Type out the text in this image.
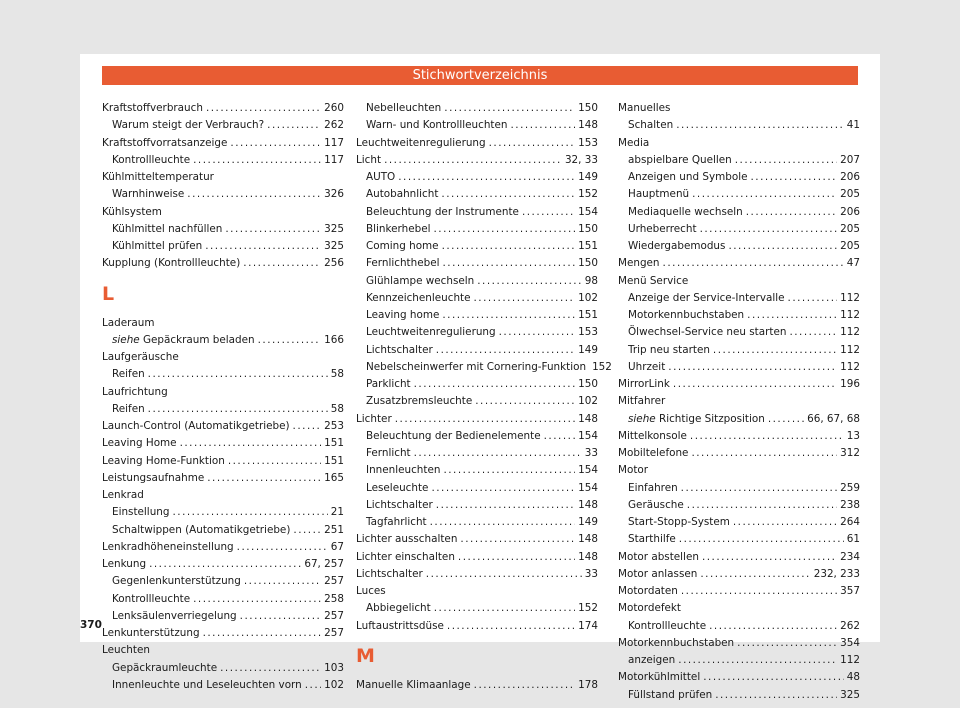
Stichwortverzeichnis
Kraftstoffverbrauch .....	260
Warum steigt der Verbrauch? .....	262
Kraftstoffvorratsanzeige .....	117
Kontrollleuchte .....	117
Kühlmitteltemperatur
Warnhinweise .....	326
Kühlsystem
Kühlmittel nachfüllen .....	325
Kühlmittel prüfen .....	325
Kupplung (Kontrollleuchte) .....	256
L
Laderaum
siehe Gepäckraum beladen .....	166
Laufgeräusche
Reifen .....	58
Laufrichtung
Reifen .....	58
Launch-Control (Automatikgetriebe) .....	253
Leaving Home .....	151
Leaving Home-Funktion .....	151
Leistungsaufnahme .....	165
Lenkrad
Einstellung .....	21
Schaltwippen (Automatikgetriebe) .....	251
Lenkradhöheneinstellung .....	67
Lenkung .....	67, 257
Gegenlenkunterstützung .....	257
Kontrollleuchte .....	258
Lenksäulenverriegelung .....	257
Lenkunterstützung .....	257
Leuchten
Gepäckraumleuchte .....	103
Innenleuchte und Leseleuchten vorn ..... 102
Nebelleuchten .....	150
Warn- und Kontrollleuchten .....	148
Leuchtweitenregulierung .....	153
Licht .....	32, 33
AUTO .....	149
Autobahnlicht .....	152
Beleuchtung der Instrumente .....	154
Blinkerhebel .....	150
Coming home .....	151
Fernlichthebel .....	150
Glühlampe wechseln .....	98
Kennzeichenleuchte .....	102
Leaving home .....	151
Leuchtweitenregulierung .....	153
Lichtschalter .....	149
Nebelscheinwerfer mit Cornering-Funktion 152
Parklicht .....	150
Zusatzbremsleuchte .....	102
Lichter .....	148
Beleuchtung der Bedienelemente .....	154
Fernlicht .....	33
Innenleuchten .....	154
Leseleuchte .....	154
Lichtschalter .....	148
Tagfahrlicht .....	149
Lichter ausschalten .....	148
Lichter einschalten .....	148
Lichtschalter .....	33
Luces
Abbiegelicht .....	152
Luftaustrittsdüse .....	174
M
Manuelle Klimaanlage .....	178
Manuelles
Schalten .....	41
Media
abspielbare Quellen .....	207
Anzeigen und Symbole .....	206
Hauptmenü .....	205
Mediaquelle wechseln .....	206
Urheberrecht .....	205
Wiedergabemodus .....	205
Mengen .....	47
Menü Service
Anzeige der Service-Intervalle .....	112
Motorkennbuchstaben .....	112
Ölwechsel-Service neu starten .....	112
Trip neu starten .....	112
Uhrzeit .....	112
MirrorLink .....	196
Mitfahrer
siehe Richtige Sitzposition .....	66, 67, 68
Mittelkonsole .....	13
Mobiltelefone .....	312
Motor
Einfahren .....	259
Geräusche .....	238
Start-Stopp-System .....	264
Starthilfe .....	61
Motor abstellen .....	234
Motor anlassen .....	232, 233
Motordaten .....	357
Motordefekt
Kontrollleuchte .....	262
Motorkennbuchstaben .....	354
anzeigen .....	112
Motorkühlmittel .....	48
Füllstand prüfen .....	325
370
